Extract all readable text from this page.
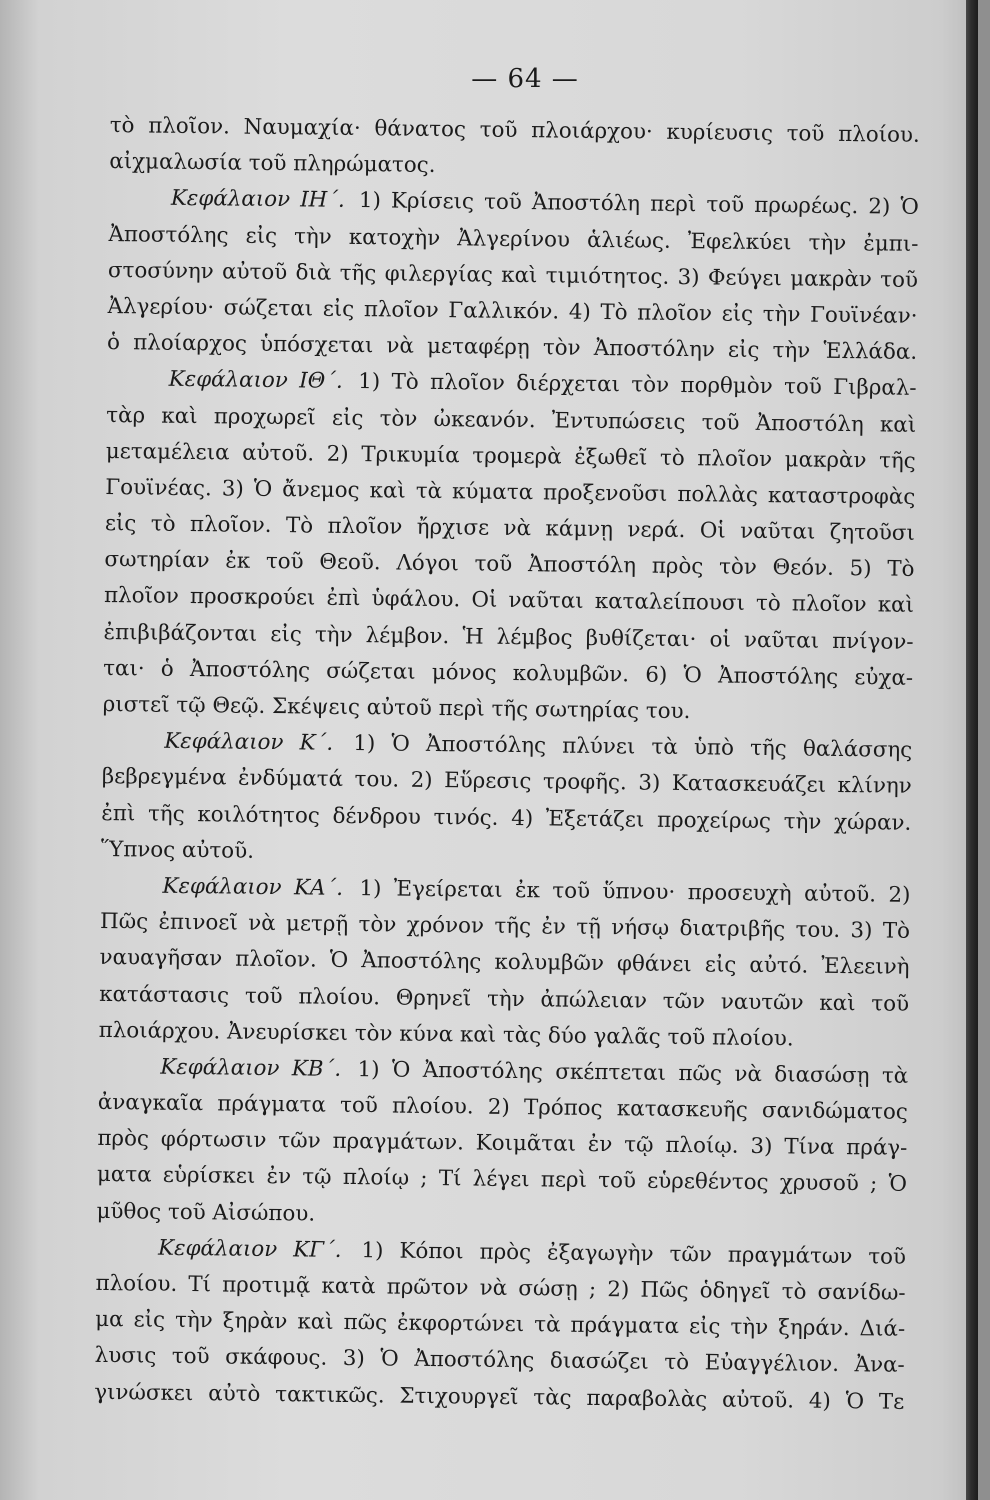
— 64 —
τὸ πλοῖον. Ναυμαχία· θάνατος τοῦ πλοιάρχου· κυρίευσις τοῦ πλοίου.
αἰχμαλωσία τοῦ πληρώματος.
Κεφάλαιον ΙΗ΄. 1) Κρίσεις τοῦ Ἀποστόλη περὶ τοῦ πρωρέως. 2) Ὁ
Ἀποστόλης εἰς τὴν κατοχὴν Ἀλγερίνου ἁλιέως. Ἐφελκύει τὴν ἐμπι-
στοσύνην αὐτοῦ διὰ τῆς φιλεργίας καὶ τιμιότητος. 3) Φεύγει μακρὰν τοῦ
Ἀλγερίου· σώζεται εἰς πλοῖον Γαλλικόν. 4) Τὸ πλοῖον εἰς τὴν Γουϊνέαν·
ὁ πλοίαρχος ὑπόσχεται νὰ μεταφέρῃ τὸν Ἀποστόλην εἰς τὴν Ἑλλάδα.
Κεφάλαιον ΙΘ΄. 1) Τὸ πλοῖον διέρχεται τὸν πορθμὸν τοῦ Γιβραλ-
τὰρ καὶ προχωρεῖ εἰς τὸν ὠκεανόν. Ἐντυπώσεις τοῦ Ἀποστόλη καὶ
μεταμέλεια αὐτοῦ. 2) Τρικυμία τρομερὰ ἐξωθεῖ τὸ πλοῖον μακρὰν τῆς
Γουϊνέας. 3) Ὁ ἄνεμος καὶ τὰ κύματα προξενοῦσι πολλὰς καταστροφὰς
εἰς τὸ πλοῖον. Τὸ πλοῖον ἤρχισε νὰ κάμνῃ νερά. Οἱ ναῦται ζητοῦσι
σωτηρίαν ἐκ τοῦ Θεοῦ. Λόγοι τοῦ Ἀποστόλη πρὸς τὸν Θεόν. 5) Τὸ
πλοῖον προσκρούει ἐπὶ ὑφάλου. Οἱ ναῦται καταλείπουσι τὸ πλοῖον καὶ
ἐπιβιβάζονται εἰς τὴν λέμβον. Ἡ λέμβος βυθίζεται· οἱ ναῦται πνίγον-
ται· ὁ Ἀποστόλης σώζεται μόνος κολυμβῶν. 6) Ὁ Ἀποστόλης εὐχα-
ριστεῖ τῷ Θεῷ. Σκέψεις αὐτοῦ περὶ τῆς σωτηρίας του.
Κεφάλαιον Κ΄. 1) Ὁ Ἀποστόλης πλύνει τὰ ὑπὸ τῆς θαλάσσης
βεβρεγμένα ἐνδύματά του. 2) Εὕρεσις τροφῆς. 3) Κατασκευάζει κλίνην
ἐπὶ τῆς κοιλότητος δένδρου τινός. 4) Ἐξετάζει προχείρως τὴν χώραν.
Ὕπνος αὐτοῦ.
Κεφάλαιον ΚΑ΄. 1) Ἐγείρεται ἐκ τοῦ ὕπνου· προσευχὴ αὐτοῦ. 2)
Πῶς ἐπινοεῖ νὰ μετρῇ τὸν χρόνον τῆς ἐν τῇ νήσῳ διατριβῆς του. 3) Τὸ
ναυαγῆσαν πλοῖον. Ὁ Ἀποστόλης κολυμβῶν φθάνει εἰς αὐτό. Ἐλεεινὴ
κατάστασις τοῦ πλοίου. Θρηνεῖ τὴν ἀπώλειαν τῶν ναυτῶν καὶ τοῦ
πλοιάρχου. Ἀνευρίσκει τὸν κύνα καὶ τὰς δύο γαλᾶς τοῦ πλοίου.
Κεφάλαιον ΚΒ΄. 1) Ὁ Ἀποστόλης σκέπτεται πῶς νὰ διασώσῃ τὰ
ἀναγκαῖα πράγματα τοῦ πλοίου. 2) Τρόπος κατασκευῆς σανιδώματος
πρὸς φόρτωσιν τῶν πραγμάτων. Κοιμᾶται ἐν τῷ πλοίῳ. 3) Τίνα πράγ-
ματα εὑρίσκει ἐν τῷ πλοίῳ ; Τί λέγει περὶ τοῦ εὑρεθέντος χρυσοῦ ; Ὁ
μῦθος τοῦ Αἰσώπου.
Κεφάλαιον ΚΓ΄. 1) Κόποι πρὸς ἐξαγωγὴν τῶν πραγμάτων τοῦ
πλοίου. Τί προτιμᾷ κατὰ πρῶτον νὰ σώσῃ ; 2) Πῶς ὁδηγεῖ τὸ σανίδω-
μα εἰς τὴν ξηρὰν καὶ πῶς ἐκφορτώνει τὰ πράγματα εἰς τὴν ξηράν. Διά-
λυσις τοῦ σκάφους. 3) Ὁ Ἀποστόλης διασώζει τὸ Εὐαγγέλιον. Ἀνα-
γινώσκει αὐτὸ τακτικῶς. Στιχουργεῖ τὰς παραβολὰς αὐτοῦ. 4) Ὁ Τε
